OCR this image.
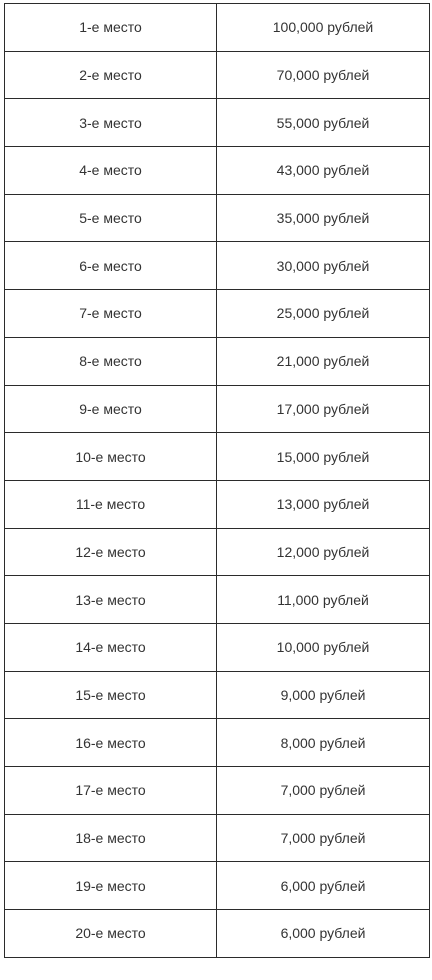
1-е место	100,000 рублей
2-е место	70,000 рублей
3-е место	55,000 рублей
4-е место	43,000 рублей
5-е место	35,000 рублей
6-е место	30,000 рублей
7-е место	25,000 рублей
8-е место	21,000 рублей
9-е место	17,000 рублей
10-е место	15,000 рублей
11-е место	13,000 рублей
12-е место	12,000 рублей
13-е место	11,000 рублей
14-е место	10,000 рублей
15-е место	9,000 рублей
16-е место	8,000 рублей
17-е место	7,000 рублей
18-е место	7,000 рублей
19-е место	6,000 рублей
20-е место	6,000 рублей
